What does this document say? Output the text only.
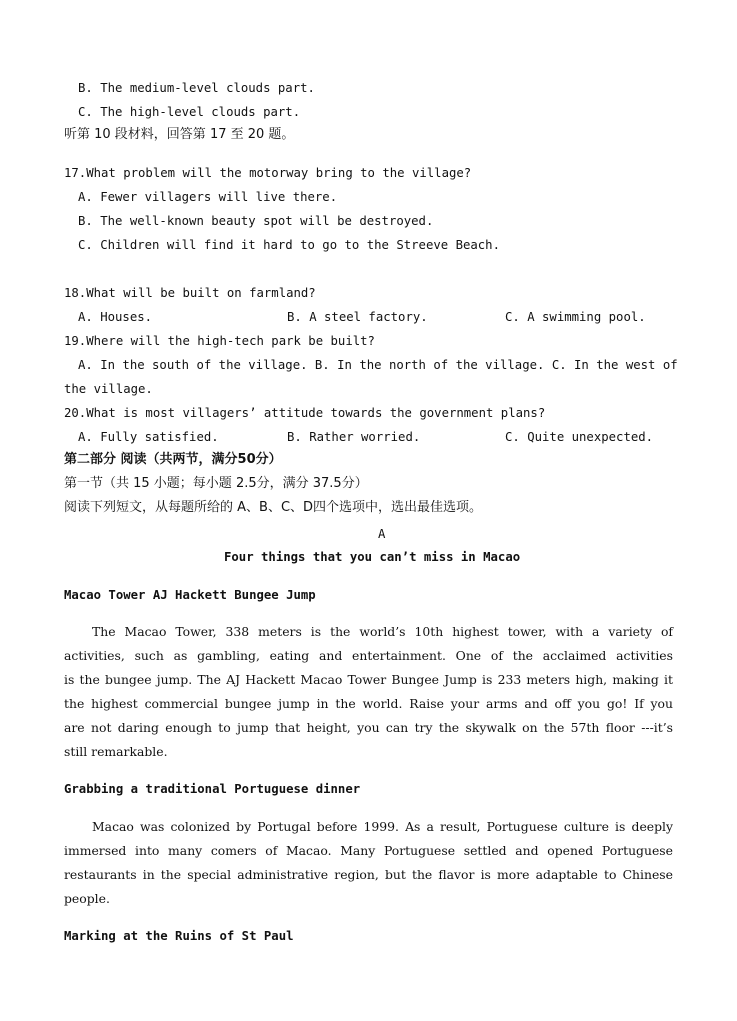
B. The medium-level clouds part.
C. The high-level clouds part.
听第 10 段材料，回答第 17 至 20 题。
17.What problem will the motorway bring to the village?
A. Fewer villagers will live there.
B. The well-known beauty spot will be destroyed.
C. Children will find it hard to go to the Streeve Beach.
18.What will be built on farmland?
A. Houses.	B. A steel factory.	C. A swimming pool.
19.Where will the high-tech park be built?
A. In the south of the village. B. In the north of the village. C. In the west of
the village.
20.What is most villagers’ attitude towards the government plans?
A. Fully satisfied.	B. Rather worried.	C. Quite unexpected.
第二部分 阅读（共两节，满分50分）
第一节（共 15 小题；每小题 2.5分，满分 37.5分）
阅读下列短文，从每题所给的 A、B、C、D四个选项中，选出最佳选项。
A
Four things that you can’t miss in Macao
Macao Tower AJ Hackett Bungee Jump
The Macao Tower, 338 meters is the world’s 10th highest tower, with a variety of
activities, such as gambling, eating and entertainment. One of the acclaimed activities
is the bungee jump. The AJ Hackett Macao Tower Bungee Jump is 233 meters high, making it
the highest commercial bungee jump in the world. Raise your arms and off you go! If you
are not daring enough to jump that height, you can try the skywalk on the 57th floor ---it’s
still remarkable.
Grabbing a traditional Portuguese dinner
Macao was colonized by Portugal before 1999. As a result, Portuguese culture is deeply
immersed into many comers of Macao. Many Portuguese settled and opened Portuguese
restaurants in the special administrative region, but the flavor is more adaptable to Chinese
people.
Marking at the Ruins of St Paul
